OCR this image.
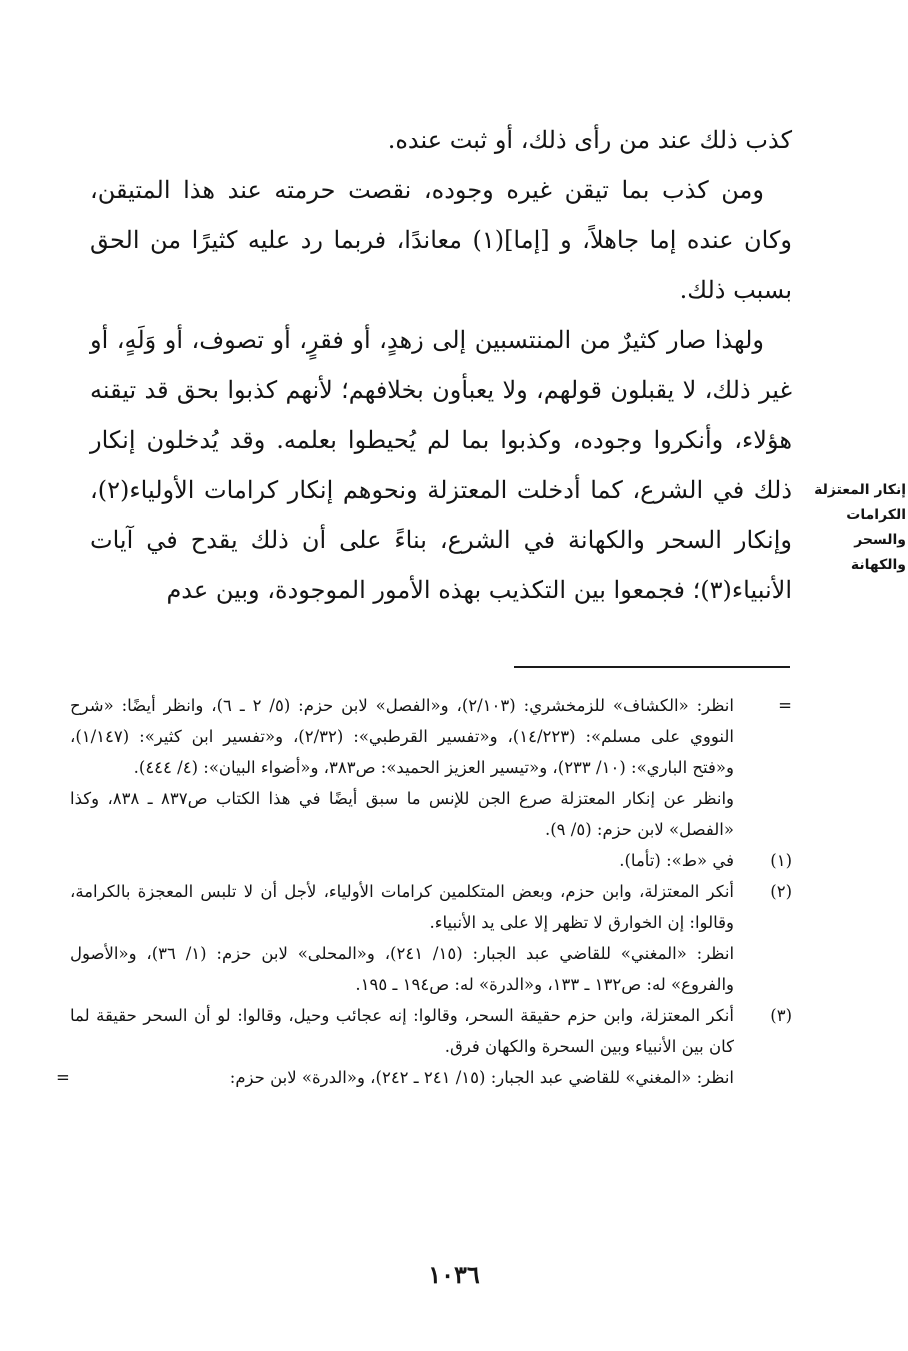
كذب ذلك عند من رأى ذلك، أو ثبت عنده.

ومن كذب بما تيقن غيره وجوده، نقصت حرمته عند هذا المتيقن، وكان عنده إما جاهلاً، و [إما](١) معاندًا، فربما رد عليه كثيرًا من الحق بسبب ذلك.

ولهذا صار كثيرٌ من المنتسبين إلى زهدٍ، أو فقرٍ، أو تصوف، أو وَلَهٍ، أو غير ذلك، لا يقبلون قولهم، ولا يعبأون بخلافهم؛ لأنهم كذبوا بحق قد تيقنه هؤلاء، وأنكروا وجوده، وكذبوا بما لم يُحيطوا بعلمه. وقد يُدخلون إنكار ذلك في الشرع، كما أدخلت المعتزلة ونحوهم إنكار كرامات الأولياء(٢)، وإنكار السحر والكهانة في الشرع، بناءً على أن ذلك يقدح في آيات الأنبياء(٣)؛ فجمعوا بين التكذيب بهذه الأمور الموجودة، وبين عدم

إنكار المعتزلة
الكرامات والسحر
والكهانة
=

انظر: «الكشاف» للزمخشري: (٢/١٠٣)، و«الفصل» لابن حزم: (٥/ ٢ ـ ٦)، وانظر أيضًا: «شرح النووي على مسلم»: (١٤/٢٢٣)، و«تفسير القرطبي»: (٢/٣٢)، و«تفسير ابن كثير»: (١/١٤٧)، و«فتح الباري»: (١٠/ ٢٣٣)، و«تيسير العزيز الحميد»: ص٣٨٣، و«أضواء البيان»: (٤/ ٤٤٤).

وانظر عن إنكار المعتزلة صرع الجن للإنس ما سبق أيضًا في هذا الكتاب ص٨٣٧ ـ ٨٣٨، وكذا «الفصل» لابن حزم: (٥/ ٩).

(١)

في «ط»: (تأما).

(٢)

أنكر المعتزلة، وابن حزم، وبعض المتكلمين كرامات الأولياء، لأجل أن لا تلبس المعجزة بالكرامة، وقالوا: إن الخوارق لا تظهر إلا على يد الأنبياء.

انظر: «المغني» للقاضي عبد الجبار: (١٥/ ٢٤١)، و«المحلى» لابن حزم: (١/ ٣٦)، و«الأصول والفروع» له: ص١٣٢ ـ ١٣٣، و«الدرة» له: ص١٩٤ ـ ١٩٥.

(٣)

أنكر المعتزلة، وابن حزم حقيقة السحر، وقالوا: إنه عجائب وحيل، وقالوا: لو أن السحر حقيقة لما كان بين الأنبياء وبين السحرة والكهان فرق.

انظر: «المغني» للقاضي عبد الجبار: (١٥/ ٢٤١ ـ ٢٤٢)، و«الدرة» لابن حزم:

=
١٠٣٦
